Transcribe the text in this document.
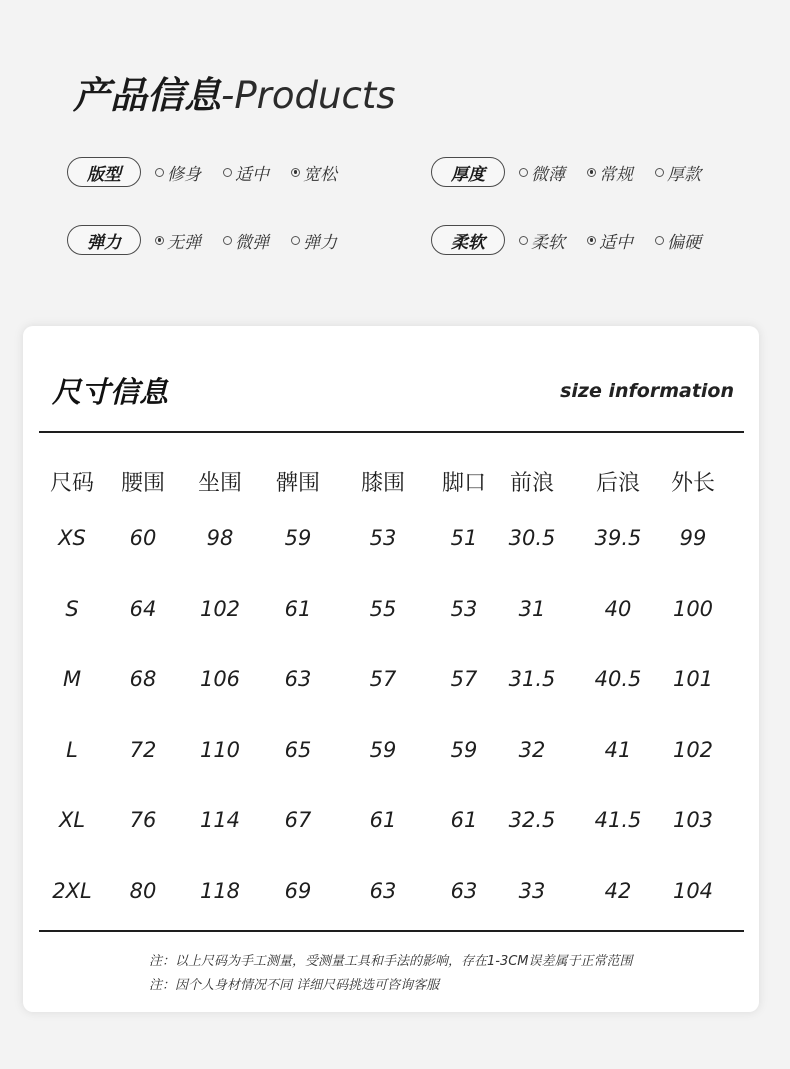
产品信息-Products
版型	修身 适中 宽松	厚度	微薄 常规 厚款
弹力	无弹 微弹 弹力	柔软	柔软 适中 偏硬
尺寸信息	size information
尺码	腰围	坐围	髀围	膝围	脚口	前浪	后浪	外长
XS	60	98	59	53	51	30.5	39.5	99
S	64	102	61	55	53	31	40	100
M	68	106	63	57	57	31.5	40.5	101
L	72	110	65	59	59	32	41	102
XL	76	114	67	61	61	32.5	41.5	103
2XL	80	118	69	63	63	33	42	104
注：以上尺码为手工测量，受测量工具和手法的影响，存在1-3CM误差属于正常范围
注：因个人身材情况不同 详细尺码挑选可咨询客服
